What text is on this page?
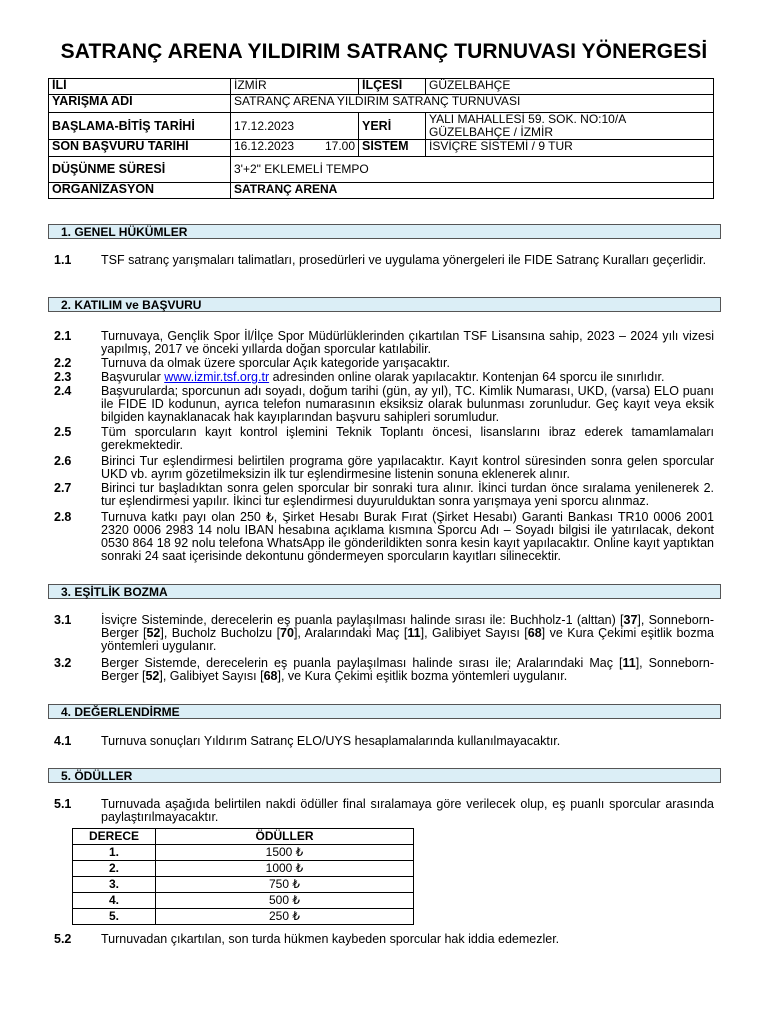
SATRANÇ ARENA YILDIRIM SATRANÇ TURNUVASI YÖNERGESİ
İLİ	İZMİR	İLÇESİ	GÜZELBAHÇE
YARIŞMA ADI	SATRANÇ ARENA YILDIRIM SATRANÇ TURNUVASI		
BAŞLAMA-BİTİŞ TARİHİ	17.12.2023	YERİ	YALI MAHALLESİ 59. SOK. NO:10/A GÜZELBAHÇE / İZMİR
SON BAŞVURU TARİHİ	16.12.2023 17.00	SİSTEM	İSVİÇRE SİSTEMİ / 9 TUR
DÜŞÜNME SÜRESİ	3'+2" EKLEMELİ TEMPO		
ORGANİZASYON	SATRANÇ ARENA		
1. GENEL HÜKÜMLER
1.1	TSF satranç yarışmaları talimatları, prosedürleri ve uygulama yönergeleri ile FIDE Satranç Kuralları geçerlidir.
2. KATILIM ve BAŞVURU
2.1	Turnuvaya, Gençlik Spor İl/İlçe Spor Müdürlüklerinden çıkartılan TSF Lisansına sahip, 2023 – 2024 yılı vizesi yapılmış, 2017 ve önceki yıllarda doğan sporcular katılabilir.
2.2	Turnuva da olmak üzere sporcular Açık kategoride yarışacaktır.
2.3	Başvurular www.izmir.tsf.org.tr adresinden online olarak yapılacaktır. Kontenjan 64 sporcu ile sınırlıdır.
2.4	Başvurularda; sporcunun adı soyadı, doğum tarihi (gün, ay yıl), TC. Kimlik Numarası, UKD, (varsa) ELO puanı ile FIDE ID kodunun, ayrıca telefon numarasının eksiksiz olarak bulunması zorunludur. Geç kayıt veya eksik bilgiden kaynaklanacak hak kayıplarından başvuru sahipleri sorumludur.
2.5	Tüm sporcuların kayıt kontrol işlemini Teknik Toplantı öncesi, lisanslarını ibraz ederek tamamlamaları gerekmektedir.
2.6	Birinci Tur eşlendirmesi belirtilen programa göre yapılacaktır. Kayıt kontrol süresinden sonra gelen sporcular UKD vb. ayrım gözetilmeksizin ilk tur eşlendirmesine listenin sonuna eklenerek alınır.
2.7	Birinci tur başladıktan sonra gelen sporcular bir sonraki tura alınır. İkinci turdan önce sıralama yenilenerek 2. tur eşlendirmesi yapılır. İkinci tur eşlendirmesi duyurulduktan sonra yarışmaya yeni sporcu alınmaz.
2.8	Turnuva katkı payı olan 250 ₺, Şirket Hesabı Burak Fırat (Şirket Hesabı) Garanti Bankası TR10 0006 2001 2320 0006 2983 14 nolu IBAN hesabına açıklama kısmına Sporcu Adı – Soyadı bilgisi ile yatırılacak, dekont 0530 864 18 92 nolu telefona WhatsApp ile gönderildikten sonra kesin kayıt yapılacaktır. Online kayıt yaptıktan sonraki 24 saat içerisinde dekontunu göndermeyen sporcuların kayıtları silinecektir.
3. EŞİTLİK BOZMA
3.1	İsviçre Sisteminde, derecelerin eş puanla paylaşılması halinde sırası ile: Buchholz-1 (alttan) [37], Sonneborn-Berger [52], Bucholz Bucholzu [70], Aralarındaki Maç [11], Galibiyet Sayısı [68] ve Kura Çekimi eşitlik bozma yöntemleri uygulanır.
3.2	Berger Sistemde, derecelerin eş puanla paylaşılması halinde sırası ile; Aralarındaki Maç [11], Sonneborn-Berger [52], Galibiyet Sayısı [68], ve Kura Çekimi eşitlik bozma yöntemleri uygulanır.
4. DEĞERLENDİRME
4.1	Turnuva sonuçları Yıldırım Satranç ELO/UYS hesaplamalarında kullanılmayacaktır.
5. ÖDÜLLER
5.1	Turnuvada aşağıda belirtilen nakdi ödüller final sıralamaya göre verilecek olup, eş puanlı sporcular arasında paylaştırılmayacaktır.
DERECE	ÖDÜLLER
1.	1500 ₺
2.	1000 ₺
3.	750 ₺
4.	500 ₺
5.	250 ₺
5.2	Turnuvadan çıkartılan, son turda hükmen kaybeden sporcular hak iddia edemezler.
